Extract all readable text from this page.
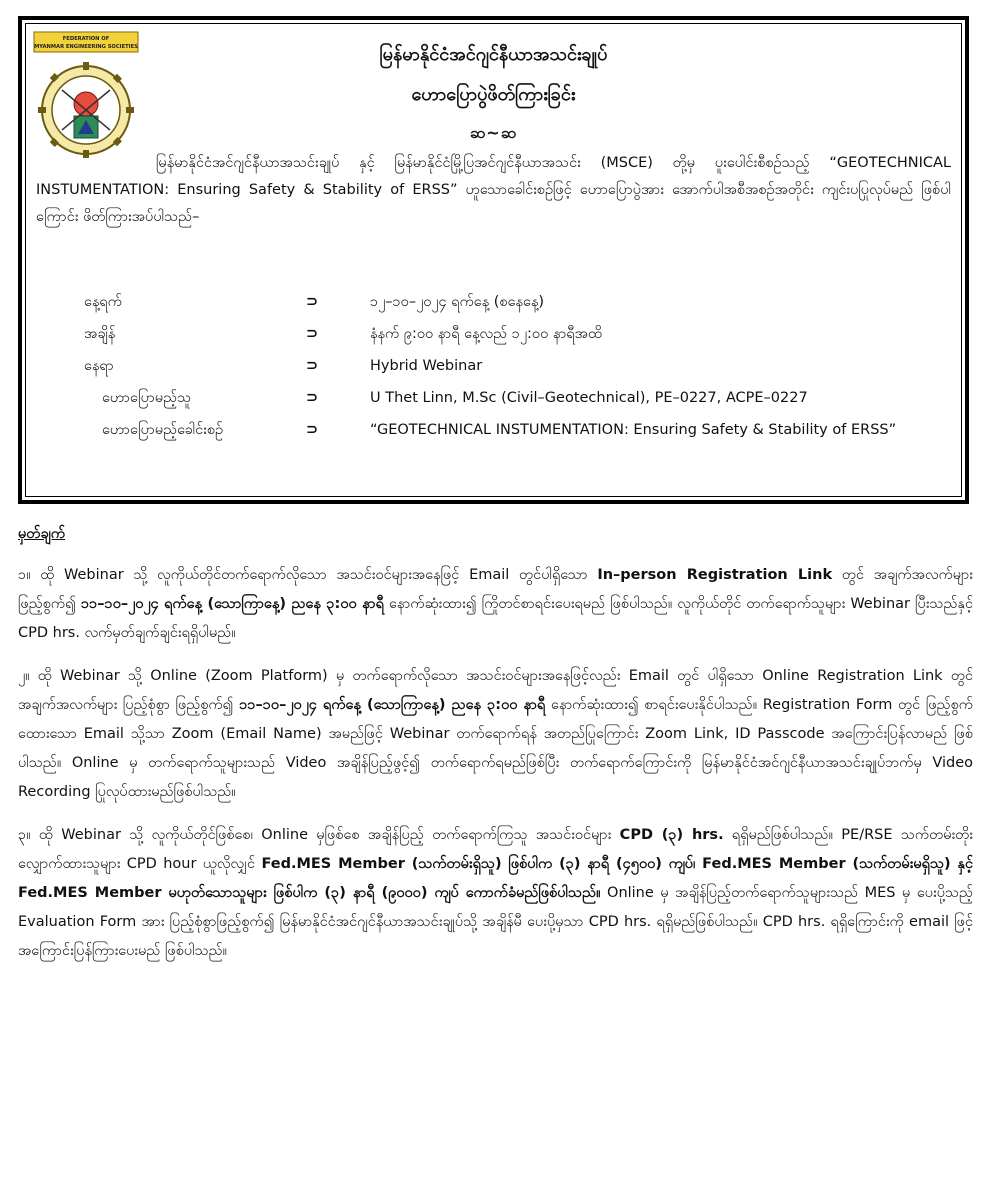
FEDERATION OF
MYANMAR ENGINEERING SOCIETIES	မြန်မာနိုင်ငံအင်ဂျင်နီယာအသင်းချုပ်
ဟောပြောပွဲဖိတ်ကြားခြင်း
ဆ~ဆ

မြန်မာနိုင်ငံအင်ဂျင်နီယာအသင်းချုပ် နှင့် မြန်မာနိုင်ငံမြို့ပြအင်ဂျင်နီယာအသင်း (MSCE) တို့မှ ပူးပေါင်းစီစဉ်သည့် “GEOTECHNICAL INSTUMENTATION: Ensuring Safety & Stability of ERSS” ဟူသောခေါင်းစဉ်ဖြင့် ဟောပြောပွဲအား အောက်ပါအစီအစဉ်အတိုင်း ကျင်းပပြုလုပ်မည် ဖြစ်ပါကြောင်း ဖိတ်ကြားအပ်ပါသည်–

နေ့ရက်	⊃	၁၂–၁၀–၂၀၂၄ ရက်နေ့ (စနေနေ့)
အချိန်	⊃	နံနက် ၉:၀၀ နာရီ နေ့လည် ၁၂:၀၀ နာရီအထိ
နေရာ	⊃	Hybrid Webinar
ဟောပြောမည့်သူ	⊃	U Thet Linn, M.Sc (Civil–Geotechnical), PE–0227, ACPE–0227
ဟောပြောမည့်ခေါင်းစဉ်	⊃	“GEOTECHNICAL INSTUMENTATION: Ensuring Safety & Stability of ERSS”
မှတ်ချက်

၁။ ထို Webinar သို့ လူကိုယ်တိုင်တက်ရောက်လိုသော အသင်းဝင်များအနေဖြင့် Email တွင်ပါရှိသော In–person Registration Link တွင် အချက်အလက်များ ဖြည့်စွက်၍ ၁၁–၁၀–၂၀၂၄ ရက်နေ့ (သောကြာနေ့) ညနေ ၃:၀၀ နာရီ နောက်ဆုံးထား၍ ကြိုတင်စာရင်းပေးရမည် ဖြစ်ပါသည်။ လူကိုယ်တိုင် တက်ရောက်သူများ Webinar ပြီးသည်နှင့် CPD hrs. လက်မှတ်ချက်ချင်းရရှိပါမည်။

၂။ ထို Webinar သို့ Online (Zoom Platform) မှ တက်ရောက်လိုသော အသင်းဝင်များအနေဖြင့်လည်း Email တွင် ပါရှိသော Online Registration Link တွင် အချက်အလက်များ ပြည့်စုံစွာ ဖြည့်စွက်၍ ၁၁–၁၀–၂၀၂၄ ရက်နေ့ (သောကြာနေ့) ညနေ ၃:၀၀ နာရီ နောက်ဆုံးထား၍ စာရင်းပေးနိုင်ပါသည်။ Registration Form တွင် ဖြည့်စွက်ထေားသော Email သို့သာ Zoom (Email Name) အမည်ဖြင့် Webinar တက်ရောက်ရန် အတည်ပြုကြောင်း Zoom Link, ID Passcode အကြောင်းပြန်လာမည် ဖြစ်ပါသည်။ Online မှ တက်ရောက်သူများသည် Video အချိန်ပြည့်ဖွင့်၍ တက်ရောက်ရမည်ဖြစ်ပြီး တက်ရောက်ကြောင်းကို မြန်မာနိုင်ငံအင်ဂျင်နီယာအသင်းချုပ်ဘက်မှ Video Recording ပြုလုပ်ထားမည်ဖြစ်ပါသည်။

၃။ ထို Webinar သို့ လူကိုယ်တိုင်ဖြစ်စေ၊ Online မှဖြစ်စေ အချိန်ပြည့် တက်ရောက်ကြသူ အသင်းဝင်များ CPD (၃) hrs. ရရှိမည်ဖြစ်ပါသည်။ PE/RSE သက်တမ်းတိုးလျှောက်ထားသူများ CPD hour ယူလိုလျှင် Fed.MES Member (သက်တမ်းရှိသူ) ဖြစ်ပါက (၃) နာရီ (၄၅၀၀) ကျပ်၊ Fed.MES Member (သက်တမ်းမရှိသူ) နှင့် Fed.MES Member မဟုတ်သောသူများ ဖြစ်ပါက (၃) နာရီ (၉၀၀၀) ကျပ် ကောက်ခံမည်ဖြစ်ပါသည်။ Online မှ အချိန်ပြည့်တက်ရောက်သူများသည် MES မှ ပေးပို့သည့် Evaluation Form အား ပြည့်စုံစွာဖြည့်စွက်၍ မြန်မာနိုင်ငံအင်ဂျင်နီယာအသင်းချုပ်သို့ အချိန်မီ ပေးပို့မှသာ CPD hrs. ရရှိမည်ဖြစ်ပါသည်။ CPD hrs. ရရှိကြောင်းကို email ဖြင့် အကြောင်းပြန်ကြားပေးမည် ဖြစ်ပါသည်။
